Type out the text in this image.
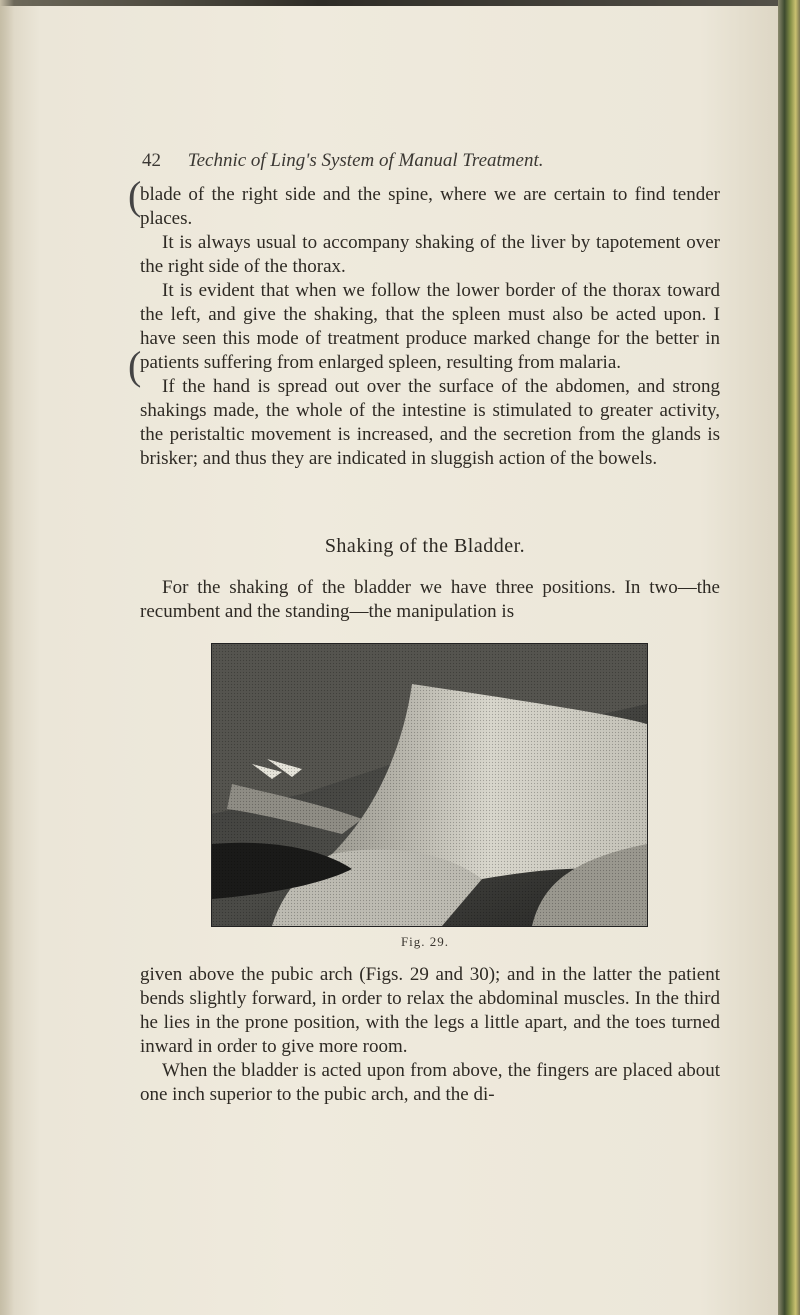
42 Technic of Ling's System of Manual Treatment.
(
(

blade of the right side and the spine, where we are certain to find tender places.

It is always usual to accompany shaking of the liver by tapotement over the right side of the thorax.

It is evident that when we follow the lower border of the thorax toward the left, and give the shaking, that the spleen must also be acted upon. I have seen this mode of treatment produce marked change for the better in patients suffering from enlarged spleen, resulting from malaria.

If the hand is spread out over the surface of the abdomen, and strong shakings made, the whole of the intestine is stimulated to greater activity, the peristaltic movement is increased, and the secretion from the glands is brisker; and thus they are indicated in sluggish action of the bowels.

Shaking of the Bladder.

For the shaking of the bladder we have three positions. In two—the recumbent and the standing—the manipulation is

Fig. 29.

given above the pubic arch (Figs. 29 and 30); and in the latter the patient bends slightly forward, in order to relax the abdominal muscles. In the third he lies in the prone position, with the legs a little apart, and the toes turned inward in order to give more room.

When the bladder is acted upon from above, the fingers are placed about one inch superior to the pubic arch, and the di-
